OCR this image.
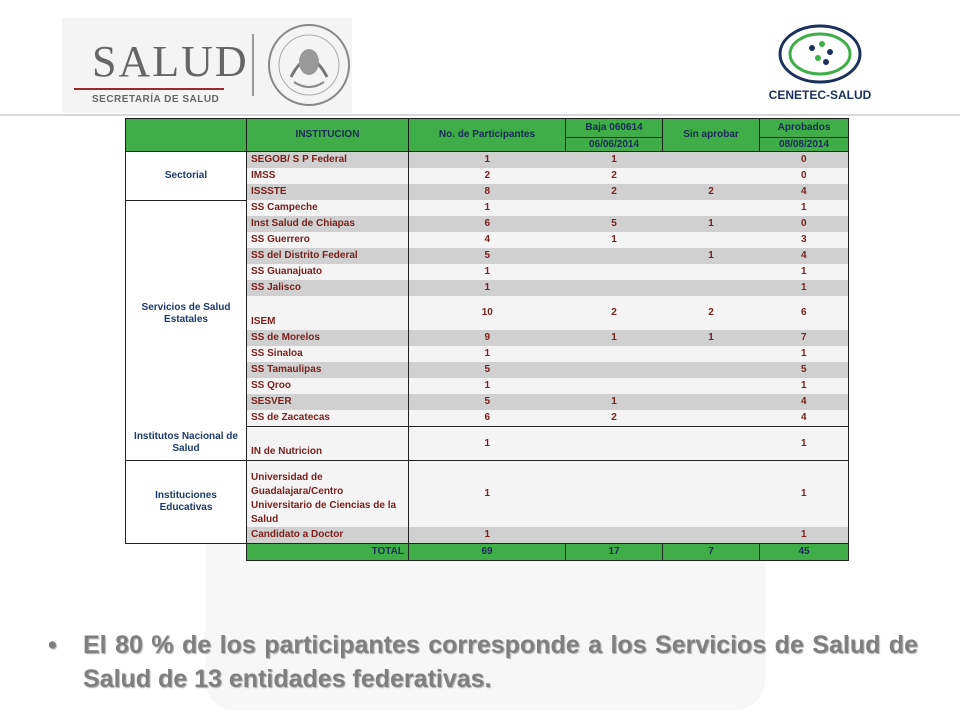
SALUD
SECRETARÍA DE SALUD	CENETEC-SALUD
	INSTITUCION	No. de Participantes	Baja 060614	Sin aprobar	Aprobados
			06/06/2014		08/08/2014
Sectorial	SEGOB/ S P Federal	1	1		0
	IMSS	2	2		0
	ISSSTE	8	2	2	4
Servicios de Salud Estatales	SS Campeche	1			1
	Inst Salud de Chiapas	6	5	1	0
	SS Guerrero	4	1		3
	SS del Distrito Federal	5		1	4
	SS Guanajuato	1			1
	SS Jalisco	1			1
	ISEM	10	2	2	6
	SS de Morelos	9	1	1	7
	SS Sinaloa	1			1
	SS Tamaulipas	5			5
	SS Qroo	1			1
	SESVER	5	1		4
	SS de Zacatecas	6	2		4
Institutos Nacional de Salud	IN de Nutricion	1			1
Instituciones Educativas	Universidad de Guadalajara/Centro Universitario de Ciencias de la Salud	1			1
	Candidato a Doctor	1			1
	TOTAL	69	17	7	45
• El 80 % de los participantes corresponde a los Servicios de Salud de Salud de 13 entidades federativas.
